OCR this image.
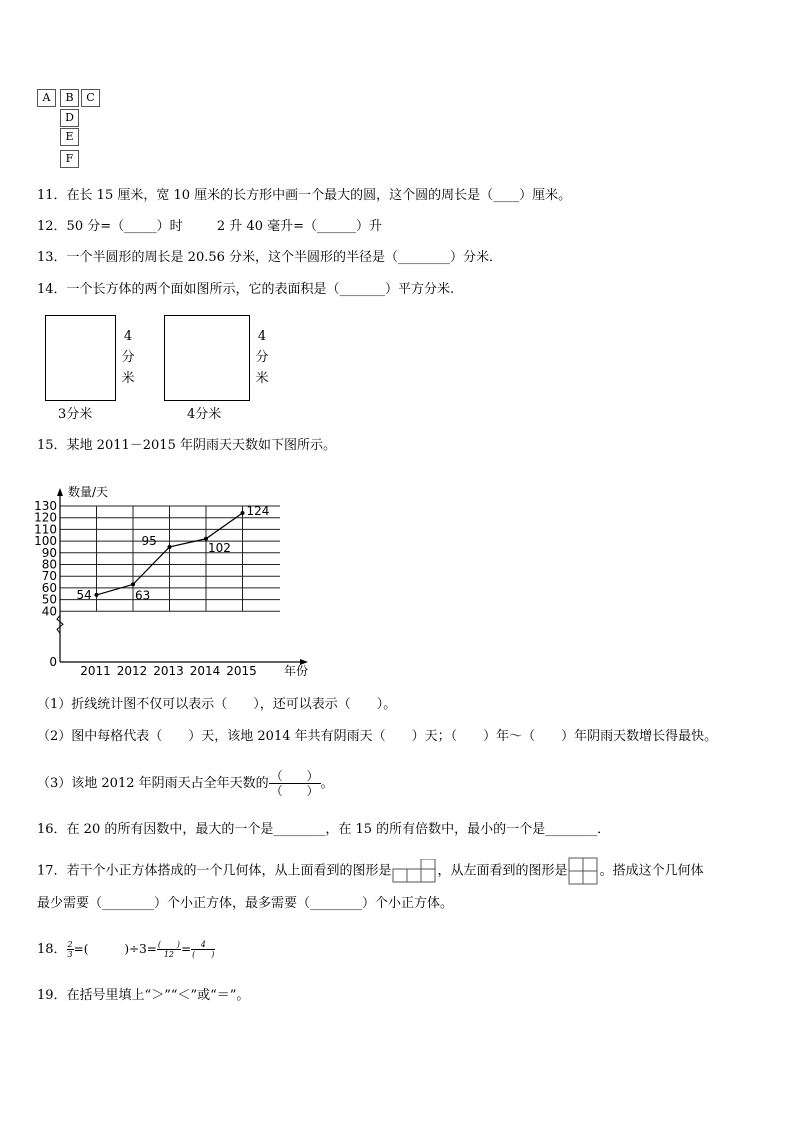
A	B	C
D
E
F
11．在长 15 厘米，宽 10 厘米的长方形中画一个最大的圆，这个圆的周长是（____）厘米。
12．50 分=（_____）时	2 升 40 毫升=（______）升
13．一个半圆形的周长是 20.56 分米，这个半圆形的半径是（________）分米．
14．一个长方体的两个面如图所示，它的表面积是（_______）平方分米.
4
分
米
3分米
4
分
米
4分米
15．某地 2011－2015 年阴雨天天数如下图所示。
0
40
50
60
70
80
90
100
110
120
130
数量/天
2011 2012 2013 2014 2015 年份
54	63
95	102
124
（1）折线统计图不仅可以表示（　　），还可以表示（　　）。
（2）图中每格代表（　　）天，该地 2014 年共有阴雨天（　　）天；（　　）年～（　　）年阴雨天数增长得最快。
（3）该地 2012 年阴雨天占全年天数的 $\frac{( )}{( )}$ 。
16．在 20 的所有因数中，最大的一个是________，在 15 的所有倍数中，最小的一个是________．
17．若干个小正方体搭成的一个几何体，从上面看到的图形是	，从左面看到的图形是 。搭成这个几何体
最少需要（________）个小正方体，最多需要（________）个小正方体。
18． $\frac{2}{3}$ =(　　　)$\div 3= \frac{( )}{12} = \frac{4}{( )}$
19．在括号里填上“＞”“＜”或“＝”。
